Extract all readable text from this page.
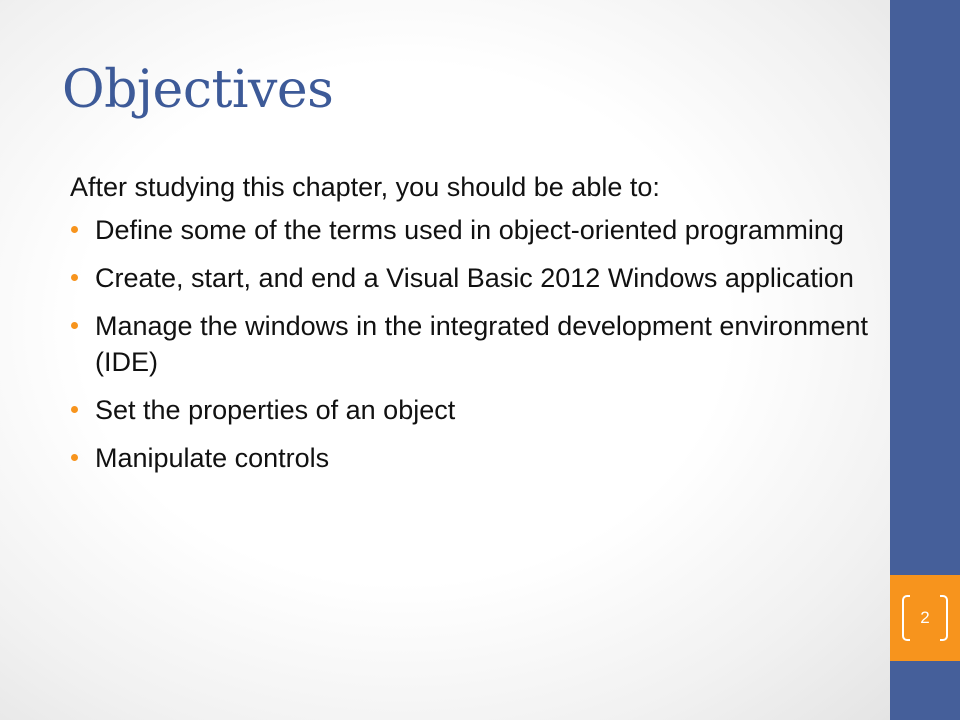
2
Objectives

After studying this chapter, you should be able to:

Define some of the terms used in object-oriented programming
Create, start, and end a Visual Basic 2012 Windows application
Manage the windows in the integrated development environment (IDE)
Set the properties of an object
Manipulate controls
